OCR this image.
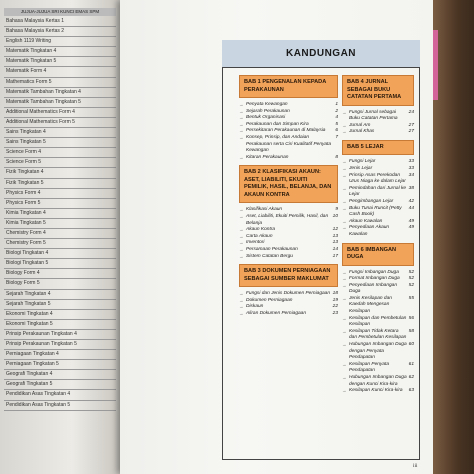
JUJUA-JUJUA SRI KUNCI EMAS SPM
Bahasa Malaysia Kertas 1
Bahasa Malaysia Kertas 2
English 1119 Writing
Matematik Tingkatan 4
Matematik Tingkatan 5
Matematik Form 4
Mathematics Form 5
Matematik Tambahan Tingkatan 4
Matematik Tambahan Tingkatan 5
Additional Mathematics Form 4
Additional Mathematics Form 5
Sains Tingkatan 4
Sains Tingkatan 5
Science Form 4
Science Form 5
Fizik Tingkatan 4
Fizik Tingkatan 5
Physics Form 4
Physics Form 5
Kimia Tingkatan 4
Kimia Tingkatan 5
Chemistry Form 4
Chemistry Form 5
Biologi Tingkatan 4
Biologi Tingkatan 5
Biology Form 4
Biology Form 5
Sejarah Tingkatan 4
Sejarah Tingkatan 5
Ekonomi Tingkatan 4
Ekonomi Tingkatan 5
Prinsip Perakaunan Tingkatan 4
Prinsip Perakaunan Tingkatan 5
Perniagaan Tingkatan 4
Perniagaan Tingkatan 5
Geografi Tingkatan 4
Geografi Tingkatan 5
Pendidikan Asas Tingkatan 4
Pendidikan Asas Tingkatan 5
KANDUNGAN
BAB 1 PENGENALAN KEPADA PERAKAUNAN
→ Penyata Kewangan	1
→ Sejarah Perakaunan	2
→ Bentuk Organisasi	4
→ Perakaunan dan Simpan Kira	5
→ Persekitaran Perakaunan di Malaysia	6
→ Konsep, Prinsip, dan Andaian Perakaunan serta Ciri Kualitatif Penyata Kewangan
7
→ Kitaran Perakaunan	8
BAB 2 KLASIFIKASI AKAUN: ASET, LIABILITI, EKUITI PEMILIK, HASIL, BELANJA, DAN AKAUN KONTRA
→ Klasifikasi Akaun	9
→ Aset, Liabiliti, Ekuiti Pemilik, Hasil, dan Belanja
10
→ Akaun Kontra	12
→ Carta Akaun	13
→ Inventori	13
→ Persamaan Perakaunan	14
→ Sistem Catatan Bergu	17
BAB 3 DOKUMEN PERNIAGAAN SEBAGAI SUMBER MAKLUMAT
→ Fungsi dan Jenis Dokumen Perniagaan 18
→ Dokumen Perniagaan	19
→ Diskaun	22
→ Aliran Dokumen Perniagaan	23
BAB 4 JURNAL SEBAGAI BUKU CATATAN PERTAMA
→ Fungsi Jurnal sebagai Buku Catatan Pertama
24
→ Jurnal Am	27
→ Jurnal Khas	27
BAB 5 LEJAR
→ Fungsi Lejar	33
→ Jenis Lejar	33
→ Prinsip Asas Perekodan Urus Niaga ke dalam Lejar
34
→ Pemindahan dari Jurnal ke Lejar
38
→ Pengimbangan Lejar	42
→ Buku Tunai Runcit (Petty Cash Book)
44
→ Akaun Kawalan	49
→ Penyediaan Akaun Kawalan
49
BAB 6 IMBANGAN DUGA
→ Fungsi Imbangan Duga	52
→ Format Imbangan Duga	52
→ Penyediaan Imbangan Duga
52
→ Jenis Kesilapan dan Kaedah Mengesan Kesilapan
55
→ Kesilapan dan Pembetulan Kesilapan
56
→ Kesilapan Tidak Ketara dan Pembetulan Kesilapan
58
→ Hubungan Imbangan Duga dengan Penyata Pendapatan
60
→ Kesilapan Penyata Pendapatan
61
→ Hubungan Imbangan Duga dengan Kunci Kira-kira
62
→ Kesilapan Kunci Kira-kira	63
iii
